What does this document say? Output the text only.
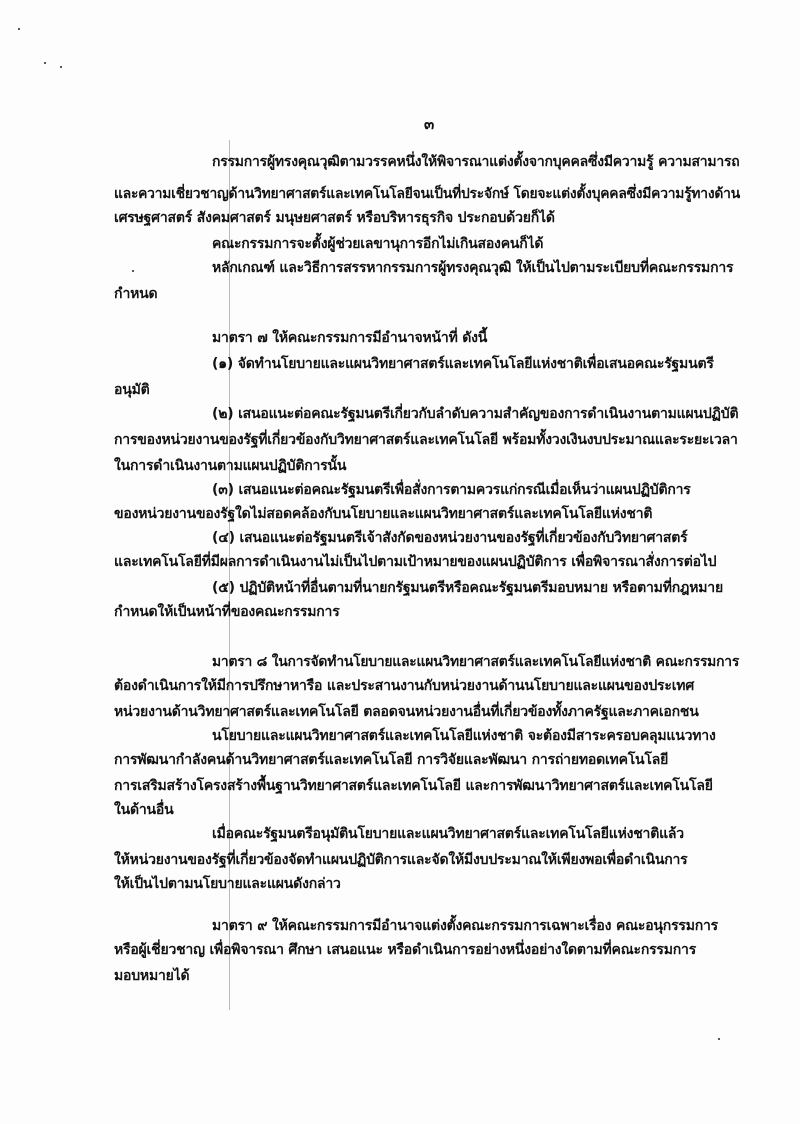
๓
กรรมการผู้ทรงคุณวุฒิตามวรรคหนึ่งให้พิจารณาแต่งตั้งจากบุคคลซึ่งมีความรู้ ความสามารถ
และความเชี่ยวชาญด้านวิทยาศาสตร์และเทคโนโลยีจนเป็นที่ประจักษ์ โดยจะแต่งตั้งบุคคลซึ่งมีความรู้ทางด้าน
เศรษฐศาสตร์ สังคมศาสตร์ มนุษยศาสตร์ หรือบริหารธุรกิจ ประกอบด้วยก็ได้
คณะกรรมการจะตั้งผู้ช่วยเลขานุการอีกไม่เกินสองคนก็ได้
หลักเกณฑ์ และวิธีการสรรหากรรมการผู้ทรงคุณวุฒิ ให้เป็นไปตามระเบียบที่คณะกรรมการ
กำหนด
มาตรา ๗ ให้คณะกรรมการมีอำนาจหน้าที่ ดังนี้
(๑) จัดทำนโยบายและแผนวิทยาศาสตร์และเทคโนโลยีแห่งชาติเพื่อเสนอคณะรัฐมนตรี
อนุมัติ
(๒) เสนอแนะต่อคณะรัฐมนตรีเกี่ยวกับลำดับความสำคัญของการดำเนินงานตามแผนปฏิบัติ
การของหน่วยงานของรัฐที่เกี่ยวข้องกับวิทยาศาสตร์และเทคโนโลยี พร้อมทั้งวงเงินงบประมาณและระยะเวลา
ในการดำเนินงานตามแผนปฏิบัติการนั้น
(๓) เสนอแนะต่อคณะรัฐมนตรีเพื่อสั่งการตามควรแก่กรณีเมื่อเห็นว่าแผนปฏิบัติการ
ของหน่วยงานของรัฐใดไม่สอดคล้องกับนโยบายและแผนวิทยาศาสตร์และเทคโนโลยีแห่งชาติ
(๔) เสนอแนะต่อรัฐมนตรีเจ้าสังกัดของหน่วยงานของรัฐที่เกี่ยวข้องกับวิทยาศาสตร์
และเทคโนโลยีที่มีผลการดำเนินงานไม่เป็นไปตามเป้าหมายของแผนปฏิบัติการ เพื่อพิจารณาสั่งการต่อไป
(๕) ปฏิบัติหน้าที่อื่นตามที่นายกรัฐมนตรีหรือคณะรัฐมนตรีมอบหมาย หรือตามที่กฎหมาย
กำหนดให้เป็นหน้าที่ของคณะกรรมการ
มาตรา ๘ ในการจัดทำนโยบายและแผนวิทยาศาสตร์และเทคโนโลยีแห่งชาติ คณะกรรมการ
ต้องดำเนินการให้มีการปรึกษาหารือ และประสานงานกับหน่วยงานด้านนโยบายและแผนของประเทศ
หน่วยงานด้านวิทยาศาสตร์และเทคโนโลยี ตลอดจนหน่วยงานอื่นที่เกี่ยวข้องทั้งภาครัฐและภาคเอกชน
นโยบายและแผนวิทยาศาสตร์และเทคโนโลยีแห่งชาติ จะต้องมีสาระครอบคลุมแนวทาง
การพัฒนากำลังคนด้านวิทยาศาสตร์และเทคโนโลยี การวิจัยและพัฒนา การถ่ายทอดเทคโนโลยี
การเสริมสร้างโครงสร้างพื้นฐานวิทยาศาสตร์และเทคโนโลยี และการพัฒนาวิทยาศาสตร์และเทคโนโลยี
ในด้านอื่น
เมื่อคณะรัฐมนตรีอนุมัตินโยบายและแผนวิทยาศาสตร์และเทคโนโลยีแห่งชาติแล้ว
ให้หน่วยงานของรัฐที่เกี่ยวข้องจัดทำแผนปฏิบัติการและจัดให้มีงบประมาณให้เพียงพอเพื่อดำเนินการ
ให้เป็นไปตามนโยบายและแผนดังกล่าว
มาตรา ๙ ให้คณะกรรมการมีอำนาจแต่งตั้งคณะกรรมการเฉพาะเรื่อง คณะอนุกรรมการ
หรือผู้เชี่ยวชาญ เพื่อพิจารณา ศึกษา เสนอแนะ หรือดำเนินการอย่างหนึ่งอย่างใดตามที่คณะกรรมการ
มอบหมายได้
